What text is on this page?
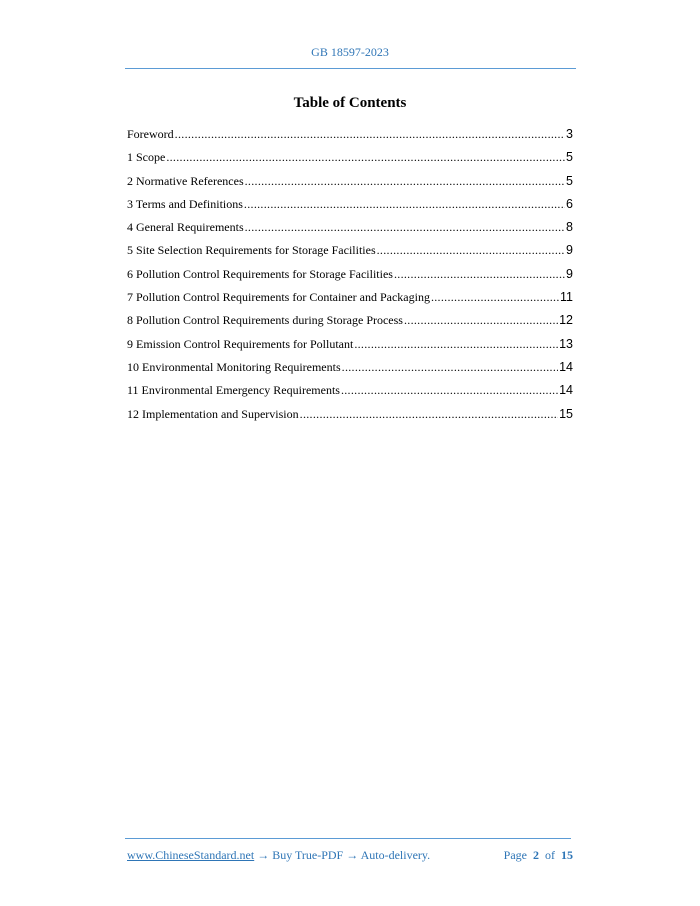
GB 18597-2023
Table of Contents
Foreword .....	3
1 Scope .....	5
2 Normative References .....	5
3 Terms and Definitions .....	6
4 General Requirements .....	8
5 Site Selection Requirements for Storage Facilities .....	9
6 Pollution Control Requirements for Storage Facilities .....	9
7 Pollution Control Requirements for Container and Packaging .....	11
8 Pollution Control Requirements during Storage Process .....	12
9 Emission Control Requirements for Pollutant .....	13
10 Environmental Monitoring Requirements .....	14
11 Environmental Emergency Requirements .....	14
12 Implementation and Supervision .....	15
www.ChineseStandard.net → Buy True-PDF → Auto-delivery.	Page 2 of 15
